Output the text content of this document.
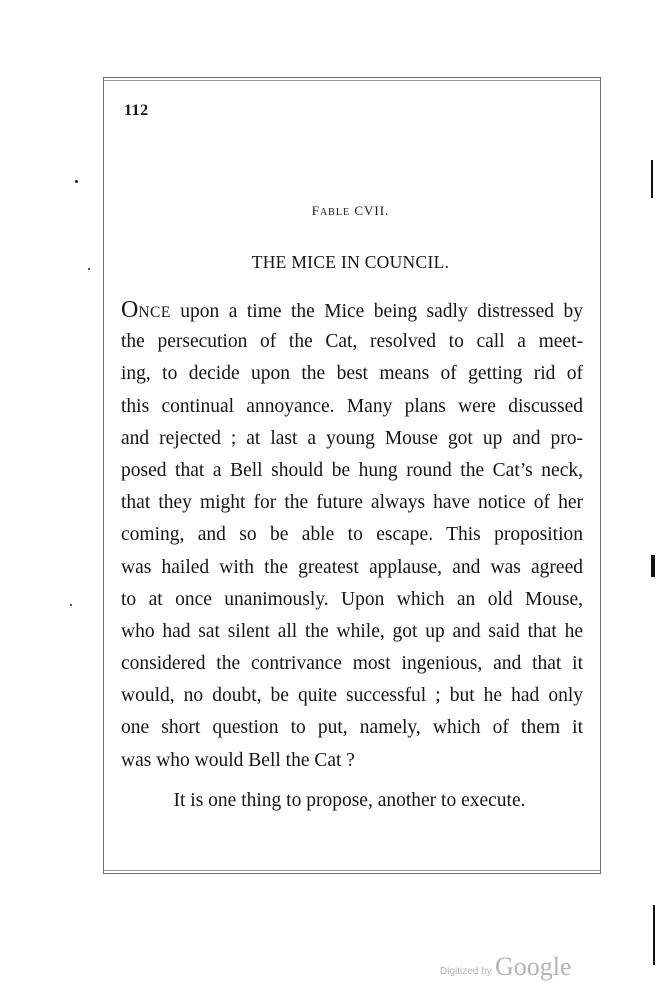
112
FABLE CVII.
THE MICE IN COUNCIL.
ONCE upon a time the Mice being sadly distressed by
the persecution of the Cat, resolved to call a meet-
ing, to decide upon the best means of getting rid of
this continual annoyance. Many plans were discussed
and rejected ; at last a young Mouse got up and pro-
posed that a Bell should be hung round the Cat’s neck,
that they might for the future always have notice of her
coming, and so be able to escape. This proposition
was hailed with the greatest applause, and was agreed
to at once unanimously. Upon which an old Mouse,
who had sat silent all the while, got up and said that he
considered the contrivance most ingenious, and that it
would, no doubt, be quite successful ; but he had only
one short question to put, namely, which of them it
was who would Bell the Cat ?
It is one thing to propose, another to execute.
Digitized by Google
